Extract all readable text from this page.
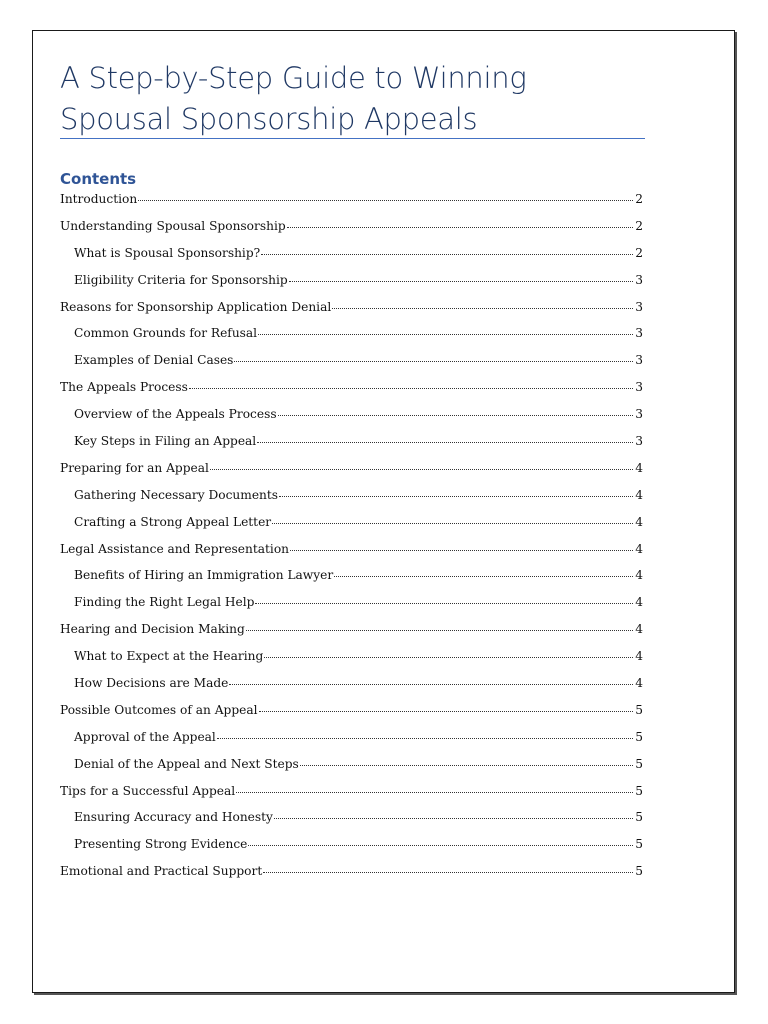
A Step-by-Step Guide to Winning
Spousal Sponsorship Appeals
Contents
Introduction	2
Understanding Spousal Sponsorship	2
What is Spousal Sponsorship?	2
Eligibility Criteria for Sponsorship	3
Reasons for Sponsorship Application Denial	3
Common Grounds for Refusal	3
Examples of Denial Cases	3
The Appeals Process	3
Overview of the Appeals Process	3
Key Steps in Filing an Appeal	3
Preparing for an Appeal	4
Gathering Necessary Documents	4
Crafting a Strong Appeal Letter	4
Legal Assistance and Representation	4
Benefits of Hiring an Immigration Lawyer	4
Finding the Right Legal Help	4
Hearing and Decision Making	4
What to Expect at the Hearing	4
How Decisions are Made	4
Possible Outcomes of an Appeal	5
Approval of the Appeal	5
Denial of the Appeal and Next Steps	5
Tips for a Successful Appeal	5
Ensuring Accuracy and Honesty	5
Presenting Strong Evidence	5
Emotional and Practical Support	5
